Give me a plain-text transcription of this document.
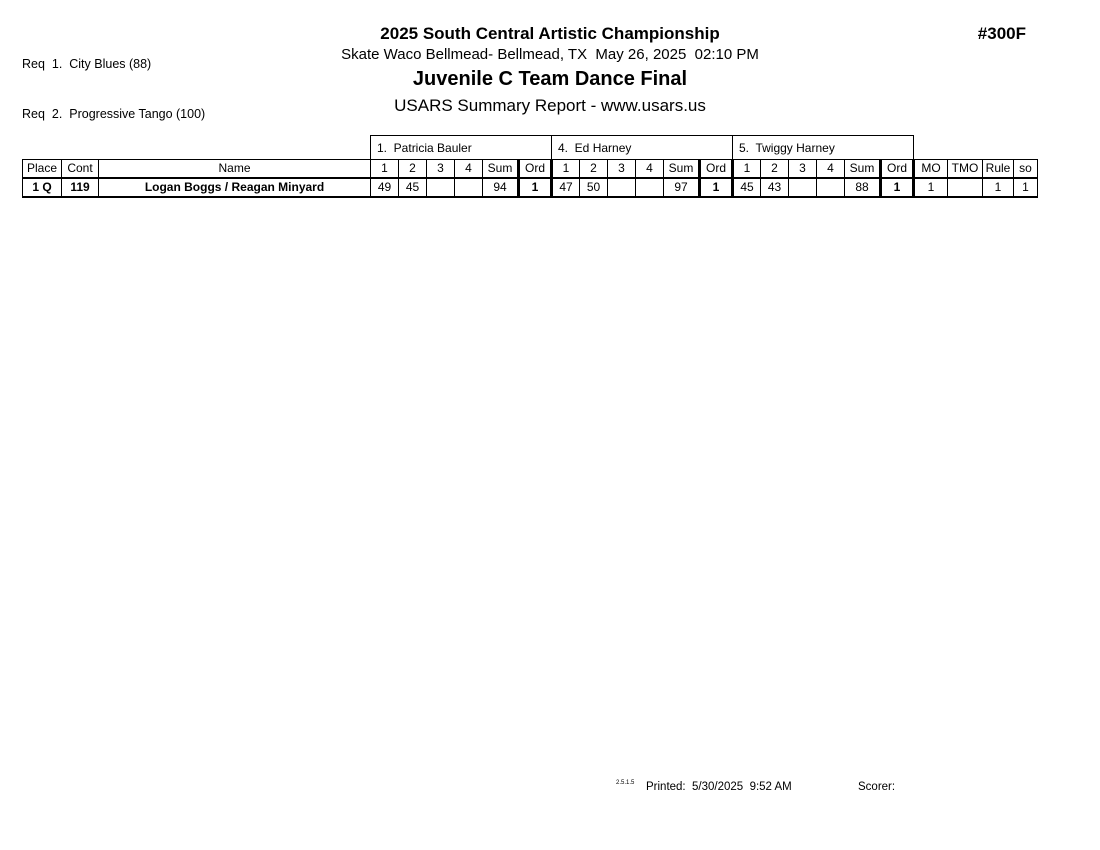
Req  1.  City Blues (88)

Req  2.  Progressive Tango (100)

2025 South Central Artistic Championship
Skate Waco Bellmead- Bellmead, TX  May 26, 2025  02:10 PM
Juvenile C Team Dance Final
USARS Summary Report - www.usars.us
#300F
			1.  Patricia Bauler						4.  Ed Harney						5.  Twiggy Harney									
Place	Cont	Name	1	2	3	4	Sum	Ord	1	2	3	4	Sum	Ord	1	2	3	4	Sum	Ord	MO	TMO	Rule	so
1 Q	119	Logan Boggs / Reagan Minyard	49	45			94	1	47	50			97	1	45	43			88	1	1		1	1
2.5.1.5 Printed:  5/30/2025  9:52 AM	Scorer:
